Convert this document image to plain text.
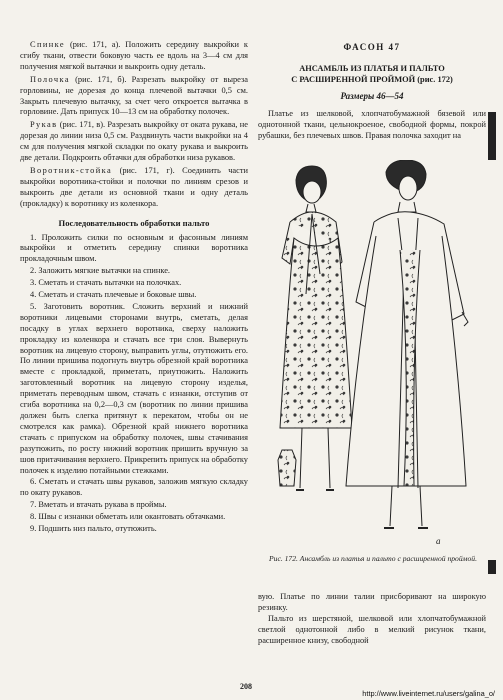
Спинке (рис. 171, а). Положить середину выкройки к сгибу ткани, отвести боковую часть ее вдоль на 3—4 см для получения мягкой вытачки и выкроить одну деталь.

Полочка (рис. 171, б). Разрезать выкройку от выреза горловины, не дорезая до конца плечевой вытачки 0,5 см. Закрыть плечевую вытачку, за счет чего откроется вытачка в горловине. Дать припуск 10—13 см на обработку полочек.

Рукав (рис. 171, в). Разрезать выкройку от оката рукава, не дорезая до линии низа 0,5 см. Раздвинуть части выкройки на 4 см для получения мягкой складки по окату рукава и выкроить две детали. Подкроить обтачки для обработки низа рукавов.

Воротник-стойка (рис. 171, г). Соединить части выкройки воротника-стойки и полочки по линиям срезов и выкроить две детали из основной ткани и одну деталь (прокладку) к воротнику из коленкора.

Последовательность обработки пальто

1. Проложить силки по основным и фасонным линиям выкройки и отметить середину спинки воротника прокладочным швом.
2. Заложить мягкие вытачки на спинке.
3. Сметать и стачать вытачки на полочках.
4. Сметать и стачать плечевые и боковые швы.
5. Заготовить воротник. Сложить верхний и нижний воротники лицевыми сторонами внутрь, сметать, делая посадку в углах верхнего воротника, сверху наложить прокладку из коленкора и стачать все три слоя. Вывернуть воротник на лицевую сторону, выправить углы, отутюжить его. По линии пришива подогнуть внутрь обрезной край воротника вместе с прокладкой, приметать, приутюжить. Наложить заготовленный воротник на лицевую сторону изделья, приметать переводным швом, стачать с изнанки, отступив от сгиба воротника на 0,2—0,3 см (воротник по линии пришива должен быть слегка притянут к перекатом, чтобы он не смотрелся как рамка). Обрезной край нижнего воротника стачать с припуском на обработку полочек, швы стачивания разутюжить, по росту нижний воротник пришить вручную за шов притачивания верхнего. Прикрепить припуск на обработку полочек к изделию потайными стежками.
6. Сметать и стачать швы рукавов, заложив мягкую складку по окату рукавов.
7. Вметать и втачать рукава в проймы.
8. Швы с изнанки обметать или окантовать обтачками.
9. Подшить низ пальто, отутюжить.
ФАСОН 47
АНСАМБЛЬ ИЗ ПЛАТЬЯ И ПАЛЬТО
С РАСШИРЕННОЙ ПРОЙМОЙ (рис. 172)
Размеры 46—54
Платье из шелковой, хлопчатобумажной бязевой или однотонной ткани, цельнокроеное, свободной формы, покрой рубашки, без плечевых швов. Правая полочка заходит на
а
Рис. 172. Ансамбль из платья и пальто с расширенной проймой.

вую. Платье по линии талии присборивают на широкую резинку.

Пальто из шерстяной, шелковой или хлопчатобумажной светлой однотонной либо в мелкий рисунок ткани, расширенное книзу, свободной

208
http://www.liveinternet.ru/users/galina_o/
